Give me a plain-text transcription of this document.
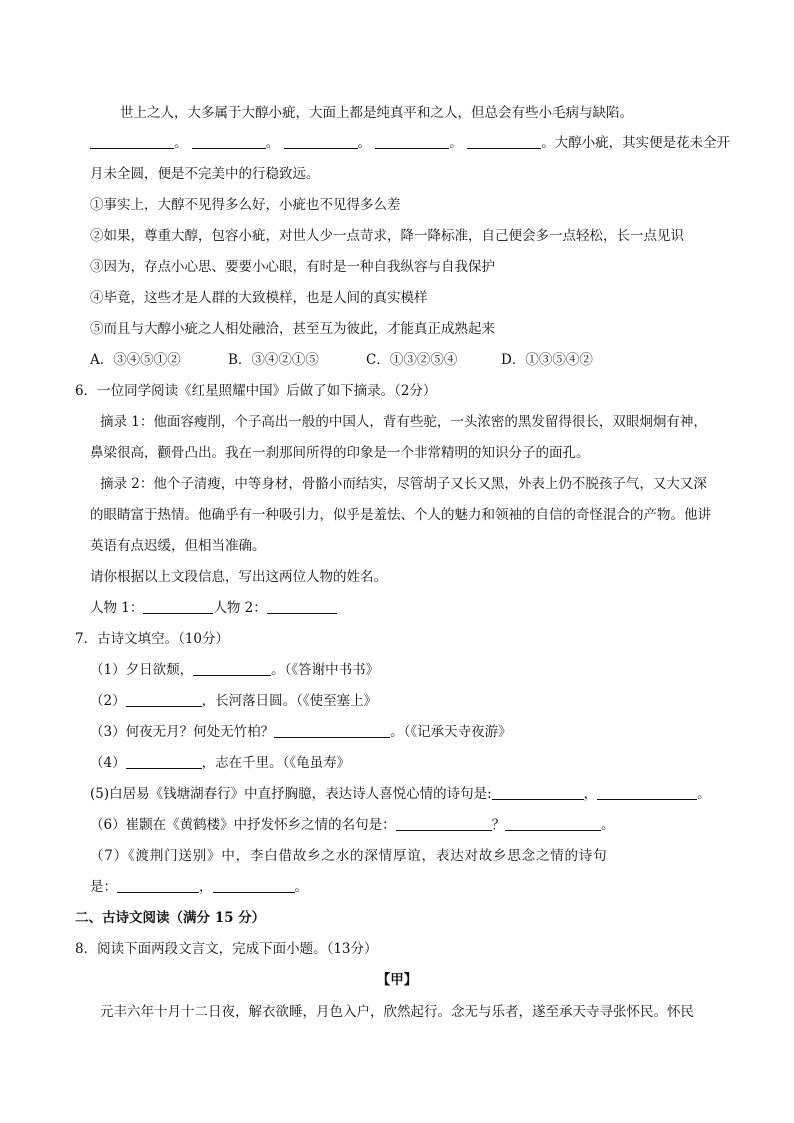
世上之人，大多属于大醇小疵，大面上都是纯真平和之人，但总会有些小毛病与缺陷。
。	。	。	。	。大醇小疵，其实便是花未全开
月未全圆，便是不完美中的行稳致远。
①事实上，大醇不见得多么好，小疵也不见得多么差
②如果，尊重大醇，包容小疵，对世人少一点苛求，降一降标准，自己便会多一点轻松，长一点见识
③因为，存点小心思、要要小心眼，有时是一种自我纵容与自我保护
④毕竟，这些才是人群的大致模样，也是人间的真实模样
⑤而且与大醇小疵之人相处融洽，甚至互为彼此，才能真正成熟起来
A．③④⑤①②	B．③④②①⑤	C．①③②⑤④	D．①③⑤④②
6．一位同学阅读《红星照耀中国》后做了如下摘录。（2分）
摘录 1：他面容瘦削，个子高出一般的中国人，背有些驼，一头浓密的黑发留得很长，双眼炯炯有神，
鼻梁很高，颧骨凸出。我在一刹那间所得的印象是一个非常精明的知识分子的面孔。
摘录 2：他个子清瘦，中等身材，骨骼小而结实，尽管胡子又长又黑，外表上仍不脱孩子气，又大又深
的眼睛富于热情。他确乎有一种吸引力，似乎是羞怯、个人的魅力和领袖的自信的奇怪混合的产物。他讲
英语有点迟缓，但相当准确。
请你根据以上文段信息，写出这两位人物的姓名。
人物 1：	人物 2：
7．古诗文填空。（10分）
（1）夕日欲颓，	。（《答谢中书书》
（2）	，长河落日圆。（《使至塞上》
（3）何夜无月？何处无竹柏？	。（《记承天寺夜游》
（4）	，志在千里。（《龟虽寿》
(5)白居易《钱塘湖春行》中直抒胸臆，表达诗人喜悦心情的诗句是:	，	。
（6）崔颢在《黄鹤楼》中抒发怀乡之情的名句是：	？	。
（7）《渡荆门送别》中，李白借故乡之水的深情厚谊，表达对故乡思念之情的诗句
是：	，	。
二、古诗文阅读（满分 15 分）
8．阅读下面两段文言文，完成下面小题。（13分）
【甲】
元丰六年十月十二日夜，解衣欲睡，月色入户，欣然起行。念无与乐者，遂至承天寺寻张怀民。怀民
